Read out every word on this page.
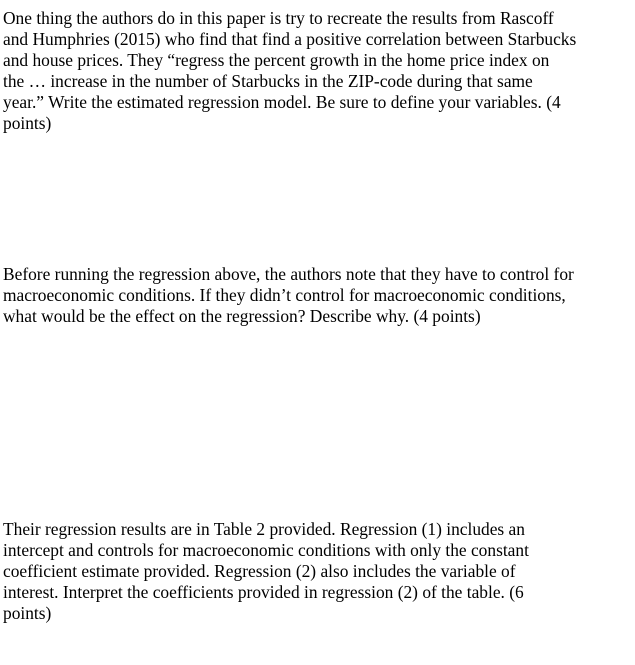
One thing the authors do in this paper is try to recreate the results from Rascoff
and Humphries (2015) who find that find a positive correlation between Starbucks
and house prices. They “regress the percent growth in the home price index on
the … increase in the number of Starbucks in the ZIP-code during that same
year.” Write the estimated regression model. Be sure to define your variables. (4
points)

Before running the regression above, the authors note that they have to control for
macroeconomic conditions. If they didn’t control for macroeconomic conditions,
what would be the effect on the regression? Describe why. (4 points)

Their regression results are in Table 2 provided. Regression (1) includes an
intercept and controls for macroeconomic conditions with only the constant
coefficient estimate provided. Regression (2) also includes the variable of
interest. Interpret the coefficients provided in regression (2) of the table. (6
points)
